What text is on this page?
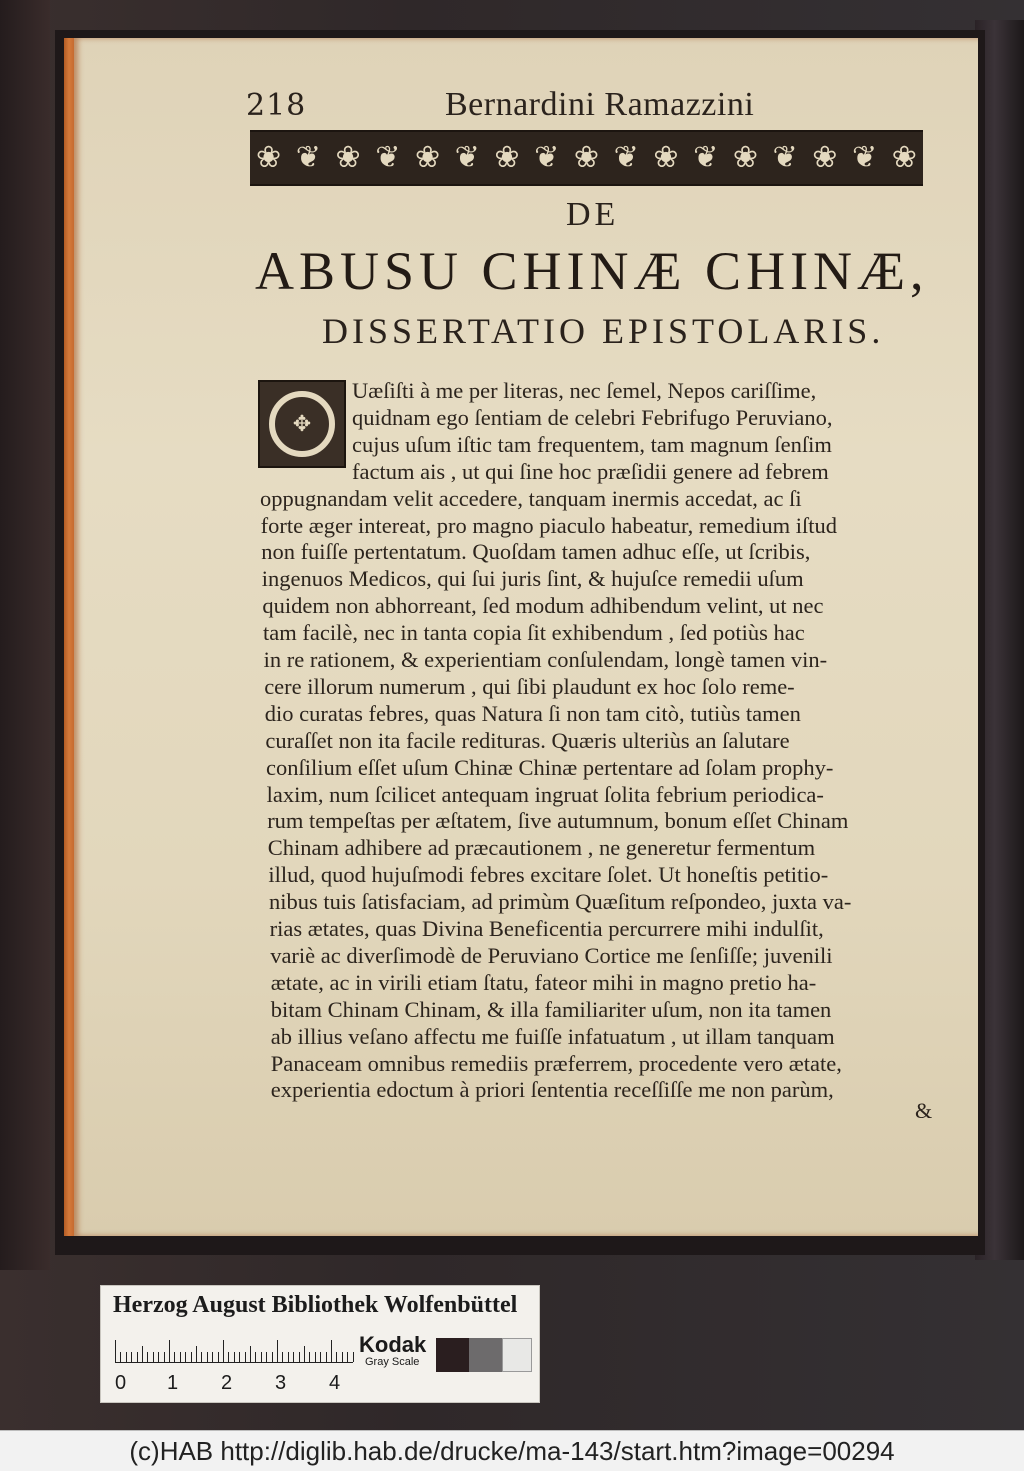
218	Bernardini Ramazzini
❀ ❦ ❀ ❦ ❀ ❦ ❀ ❦ ❀ ❦ ❀ ❦ ❀ ❦ ❀ ❦ ❀
DE
ABUSU CHINÆ CHINÆ,
DISSERTATIO EPISTOLARIS.
✥
Uæſiſti à me per literas, nec ſemel, Nepos cariſſime,
quidnam ego ſentiam de celebri Febrifugo Peruviano,
cujus uſum iſtic tam frequentem, tam magnum ſenſim
factum ais , ut qui ſine hoc præſidii genere ad febrem
oppugnandam velit accedere, tanquam inermis accedat, ac ſi
forte æger intereat, pro magno piaculo habeatur, remedium iſtud
non fuiſſe pertentatum. Quoſdam tamen adhuc eſſe, ut ſcribis,
ingenuos Medicos, qui ſui juris ſint, & hujuſce remedii uſum
quidem non abhorreant, ſed modum adhibendum velint, ut nec
tam facilè, nec in tanta copia ſit exhibendum , ſed potiùs hac
in re rationem, & experientiam conſulendam, longè tamen vin-
cere illorum numerum , qui ſibi plaudunt ex hoc ſolo reme-
dio curatas febres, quas Natura ſi non tam citò, tutiùs tamen
curaſſet non ita facile redituras. Quæris ulteriùs an ſalutare
conſilium eſſet uſum Chinæ Chinæ pertentare ad ſolam prophy-
laxim, num ſcilicet antequam ingruat ſolita febrium periodica-
rum tempeſtas per æſtatem, ſive autumnum, bonum eſſet Chinam
Chinam adhibere ad præcautionem , ne generetur fermentum
illud, quod hujuſmodi febres excitare ſolet. Ut honeſtis petitio-
nibus tuis ſatisfaciam, ad primùm Quæſitum reſpondeo, juxta va-
rias ætates, quas Divina Beneficentia percurrere mihi indulſit,
variè ac diverſimodè de Peruviano Cortice me ſenſiſſe; juvenili
ætate, ac in virili etiam ſtatu, fateor mihi in magno pretio ha-
bitam Chinam Chinam, & illa familiariter uſum, non ita tamen
ab illius veſano affectu me fuiſſe infatuatum , ut illam tanquam
Panaceam omnibus remediis præferrem, procedente vero ætate,
experientia edoctum à priori ſententia receſſiſſe me non parùm,
&
Herzog August Bibliothek Wolfenbüttel
0 1 2 3 4
Kodak
Gray Scale
(c)HAB http://diglib.hab.de/drucke/ma-143/start.htm?image=00294
